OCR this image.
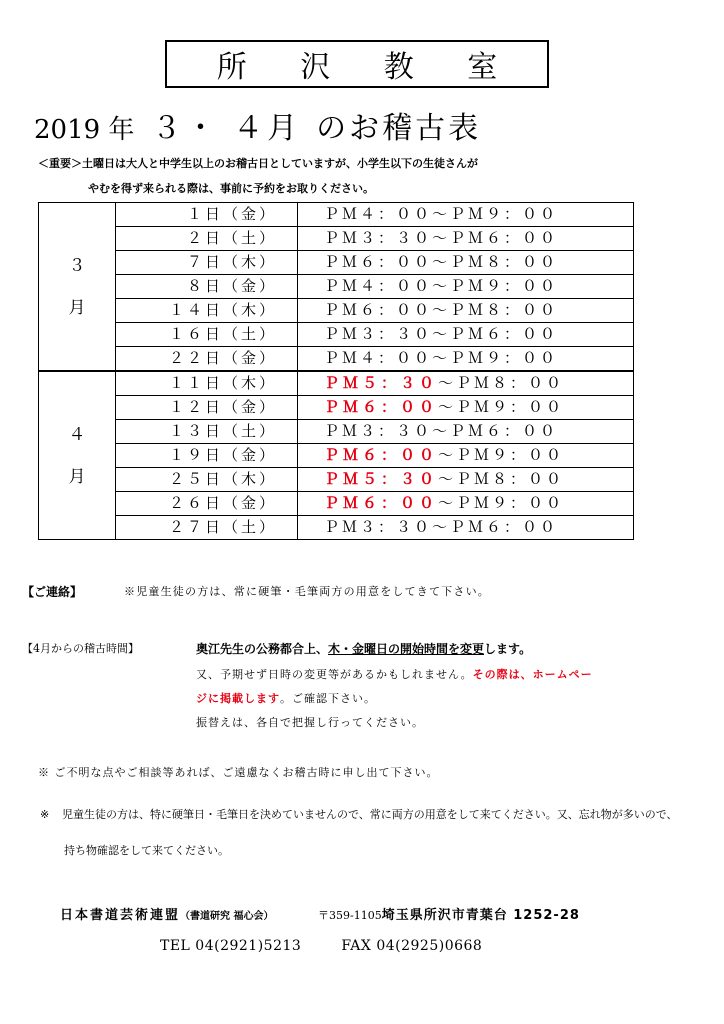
所 沢 教 室
2019 年 ３・ ４月 のお稽古表
＜重要＞土曜日は大人と中学生以上のお稽古日としていますが、小学生以下の生徒さんが
やむを得ず来られる際は、事前に予約をお取りください。
３
月	１日（金）	ＰＭ４：００～ＰＭ９：００
	２日（土）	ＰＭ３：３０～ＰＭ６：００
	７日（木）	ＰＭ６：００～ＰＭ８：００
	８日（金）	ＰＭ４：００～ＰＭ９：００
	１４日（木）	ＰＭ６：００～ＰＭ８：００
	１６日（土）	ＰＭ３：３０～ＰＭ６：００
	２２日（金）	ＰＭ４：００～ＰＭ９：００

４
月	１１日（木）	ＰＭ５：３０～ＰＭ８：００
	１２日（金）	ＰＭ６：００～ＰＭ９：００
	１３日（土）	ＰＭ３：３０～ＰＭ６：００
	１９日（金）	ＰＭ６：００～ＰＭ９：００
	２５日（木）	ＰＭ５：３０～ＰＭ８：００
	２６日（金）	ＰＭ６：００～ＰＭ９：００
	２７日（土）	ＰＭ３：３０～ＰＭ６：００
【ご連絡】	※児童生徒の方は、常に硬筆・毛筆両方の用意をしてきて下さい。
【4月からの稽古時間】	奥江先生の公務都合上、木・金曜日の開始時間を変更します。
又、予期せず日時の変更等があるかもしれません。その際は、ホームペー
ジに掲載します。ご確認下さい。
振替えは、各自で把握し行ってください。
※ ご不明な点やご相談等あれば、ご遠慮なくお稽古時に申し出て下さい。
※ 児童生徒の方は、特に硬筆日・毛筆日を決めていませんので、常に両方の用意をして来てください。又、忘れ物が多いので、
持ち物確認をして来てください。
日本書道芸術連盟（書道研究 福心会）	〒359-1105埼玉県所沢市青葉台 1252-28
TEL 04(2921)5213	FAX 04(2925)0668
